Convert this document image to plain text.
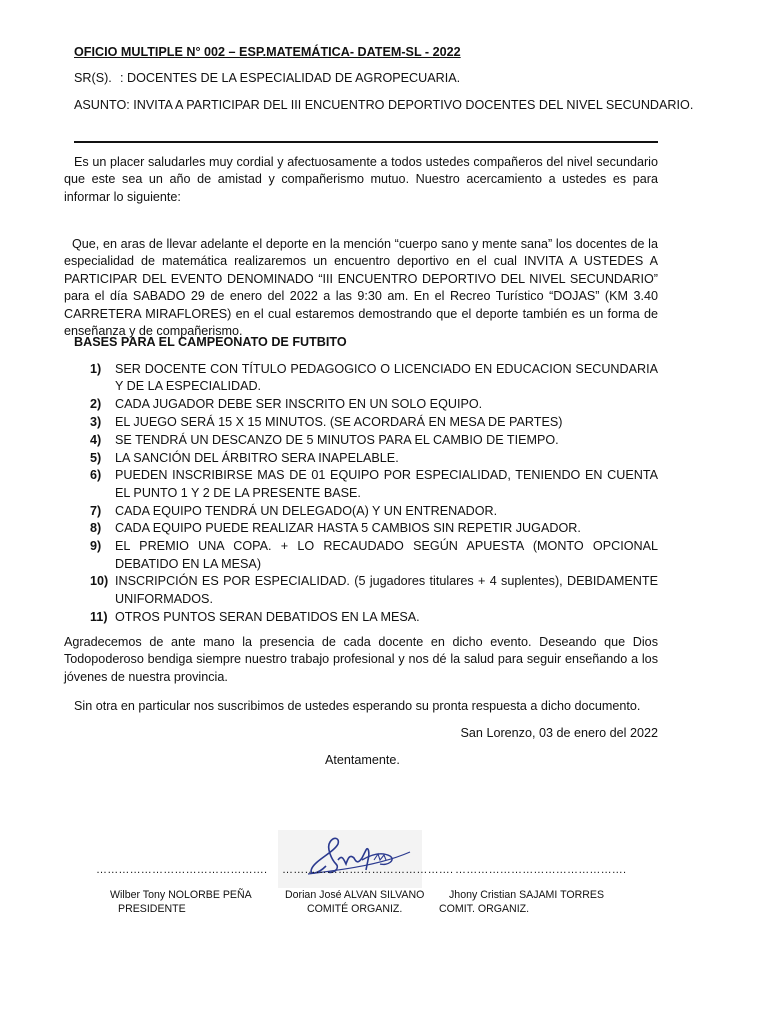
OFICIO MULTIPLE N° 002 – ESP.MATEMÁTICA- DATEM-SL - 2022
SR(S). : DOCENTES DE LA ESPECIALIDAD DE AGROPECUARIA.
ASUNTO: INVITA A PARTICIPAR DEL III ENCUENTRO DEPORTIVO DOCENTES DEL NIVEL SECUNDARIO.

Es un placer saludarles muy cordial y afectuosamente a todos ustedes compañeros del nivel secundario que este sea un año de amistad y compañerismo mutuo. Nuestro acercamiento a ustedes es para informar lo siguiente:

Que, en aras de llevar adelante el deporte en la mención “cuerpo sano y mente sana” los docentes de la especialidad de matemática realizaremos un encuentro deportivo en el cual INVITA A USTEDES A PARTICIPAR DEL EVENTO DENOMINADO “III ENCUENTRO DEPORTIVO DEL NIVEL SECUNDARIO” para el día SABADO 29 de enero del 2022 a las 9:30 am. En el Recreo Turístico “DOJAS” (KM 3.40 CARRETERA MIRAFLORES) en el cual estaremos demostrando que el deporte también es un forma de enseñanza y de compañerismo.

BASES PARA EL CAMPEONATO DE FUTBITO
1) SER DOCENTE CON TÍTULO PEDAGOGICO O LICENCIADO EN EDUCACION SECUNDARIA Y DE LA ESPECIALIDAD.
2) CADA JUGADOR DEBE SER INSCRITO EN UN SOLO EQUIPO.
3) EL JUEGO SERÁ 15 X 15 MINUTOS. (SE ACORDARÁ EN MESA DE PARTES)
4) SE TENDRÁ UN DESCANZO DE 5 MINUTOS PARA EL CAMBIO DE TIEMPO.
5) LA SANCIÓN DEL ÁRBITRO SERA INAPELABLE.
6) PUEDEN INSCRIBIRSE MAS DE 01 EQUIPO POR ESPECIALIDAD, TENIENDO EN CUENTA EL PUNTO 1 Y 2 DE LA PRESENTE BASE.
7) CADA EQUIPO TENDRÁ UN DELEGADO(A) Y UN ENTRENADOR.
8) CADA EQUIPO PUEDE REALIZAR HASTA 5 CAMBIOS SIN REPETIR JUGADOR.
9) EL PREMIO UNA COPA. + LO RECAUDADO SEGÚN APUESTA (MONTO OPCIONAL DEBATIDO EN LA MESA)
10) INSCRIPCIÓN ES POR ESPECIALIDAD. (5 jugadores titulares + 4 suplentes), DEBIDAMENTE UNIFORMADOS.
11) OTROS PUNTOS SERAN DEBATIDOS EN LA MESA.

Agradecemos de ante mano la presencia de cada docente en dicho evento. Deseando que Dios Todopoderoso bendiga siempre nuestro trabajo profesional y nos dé la salud para seguir enseñando a los jóvenes de nuestra provincia.

Sin otra en particular nos suscribimos de ustedes esperando su pronta respuesta a dicho documento.
San Lorenzo, 03 de enero del 2022
Atentamente.
………………………………………. ………………………………………. ……………………………………….
Wilber Tony NOLORBE PEÑA
PRESIDENTE
Dorian José ALVAN SILVANO
COMITÉ ORGANIZ.
Jhony Cristian SAJAMI TORRES
COMIT. ORGANIZ.
